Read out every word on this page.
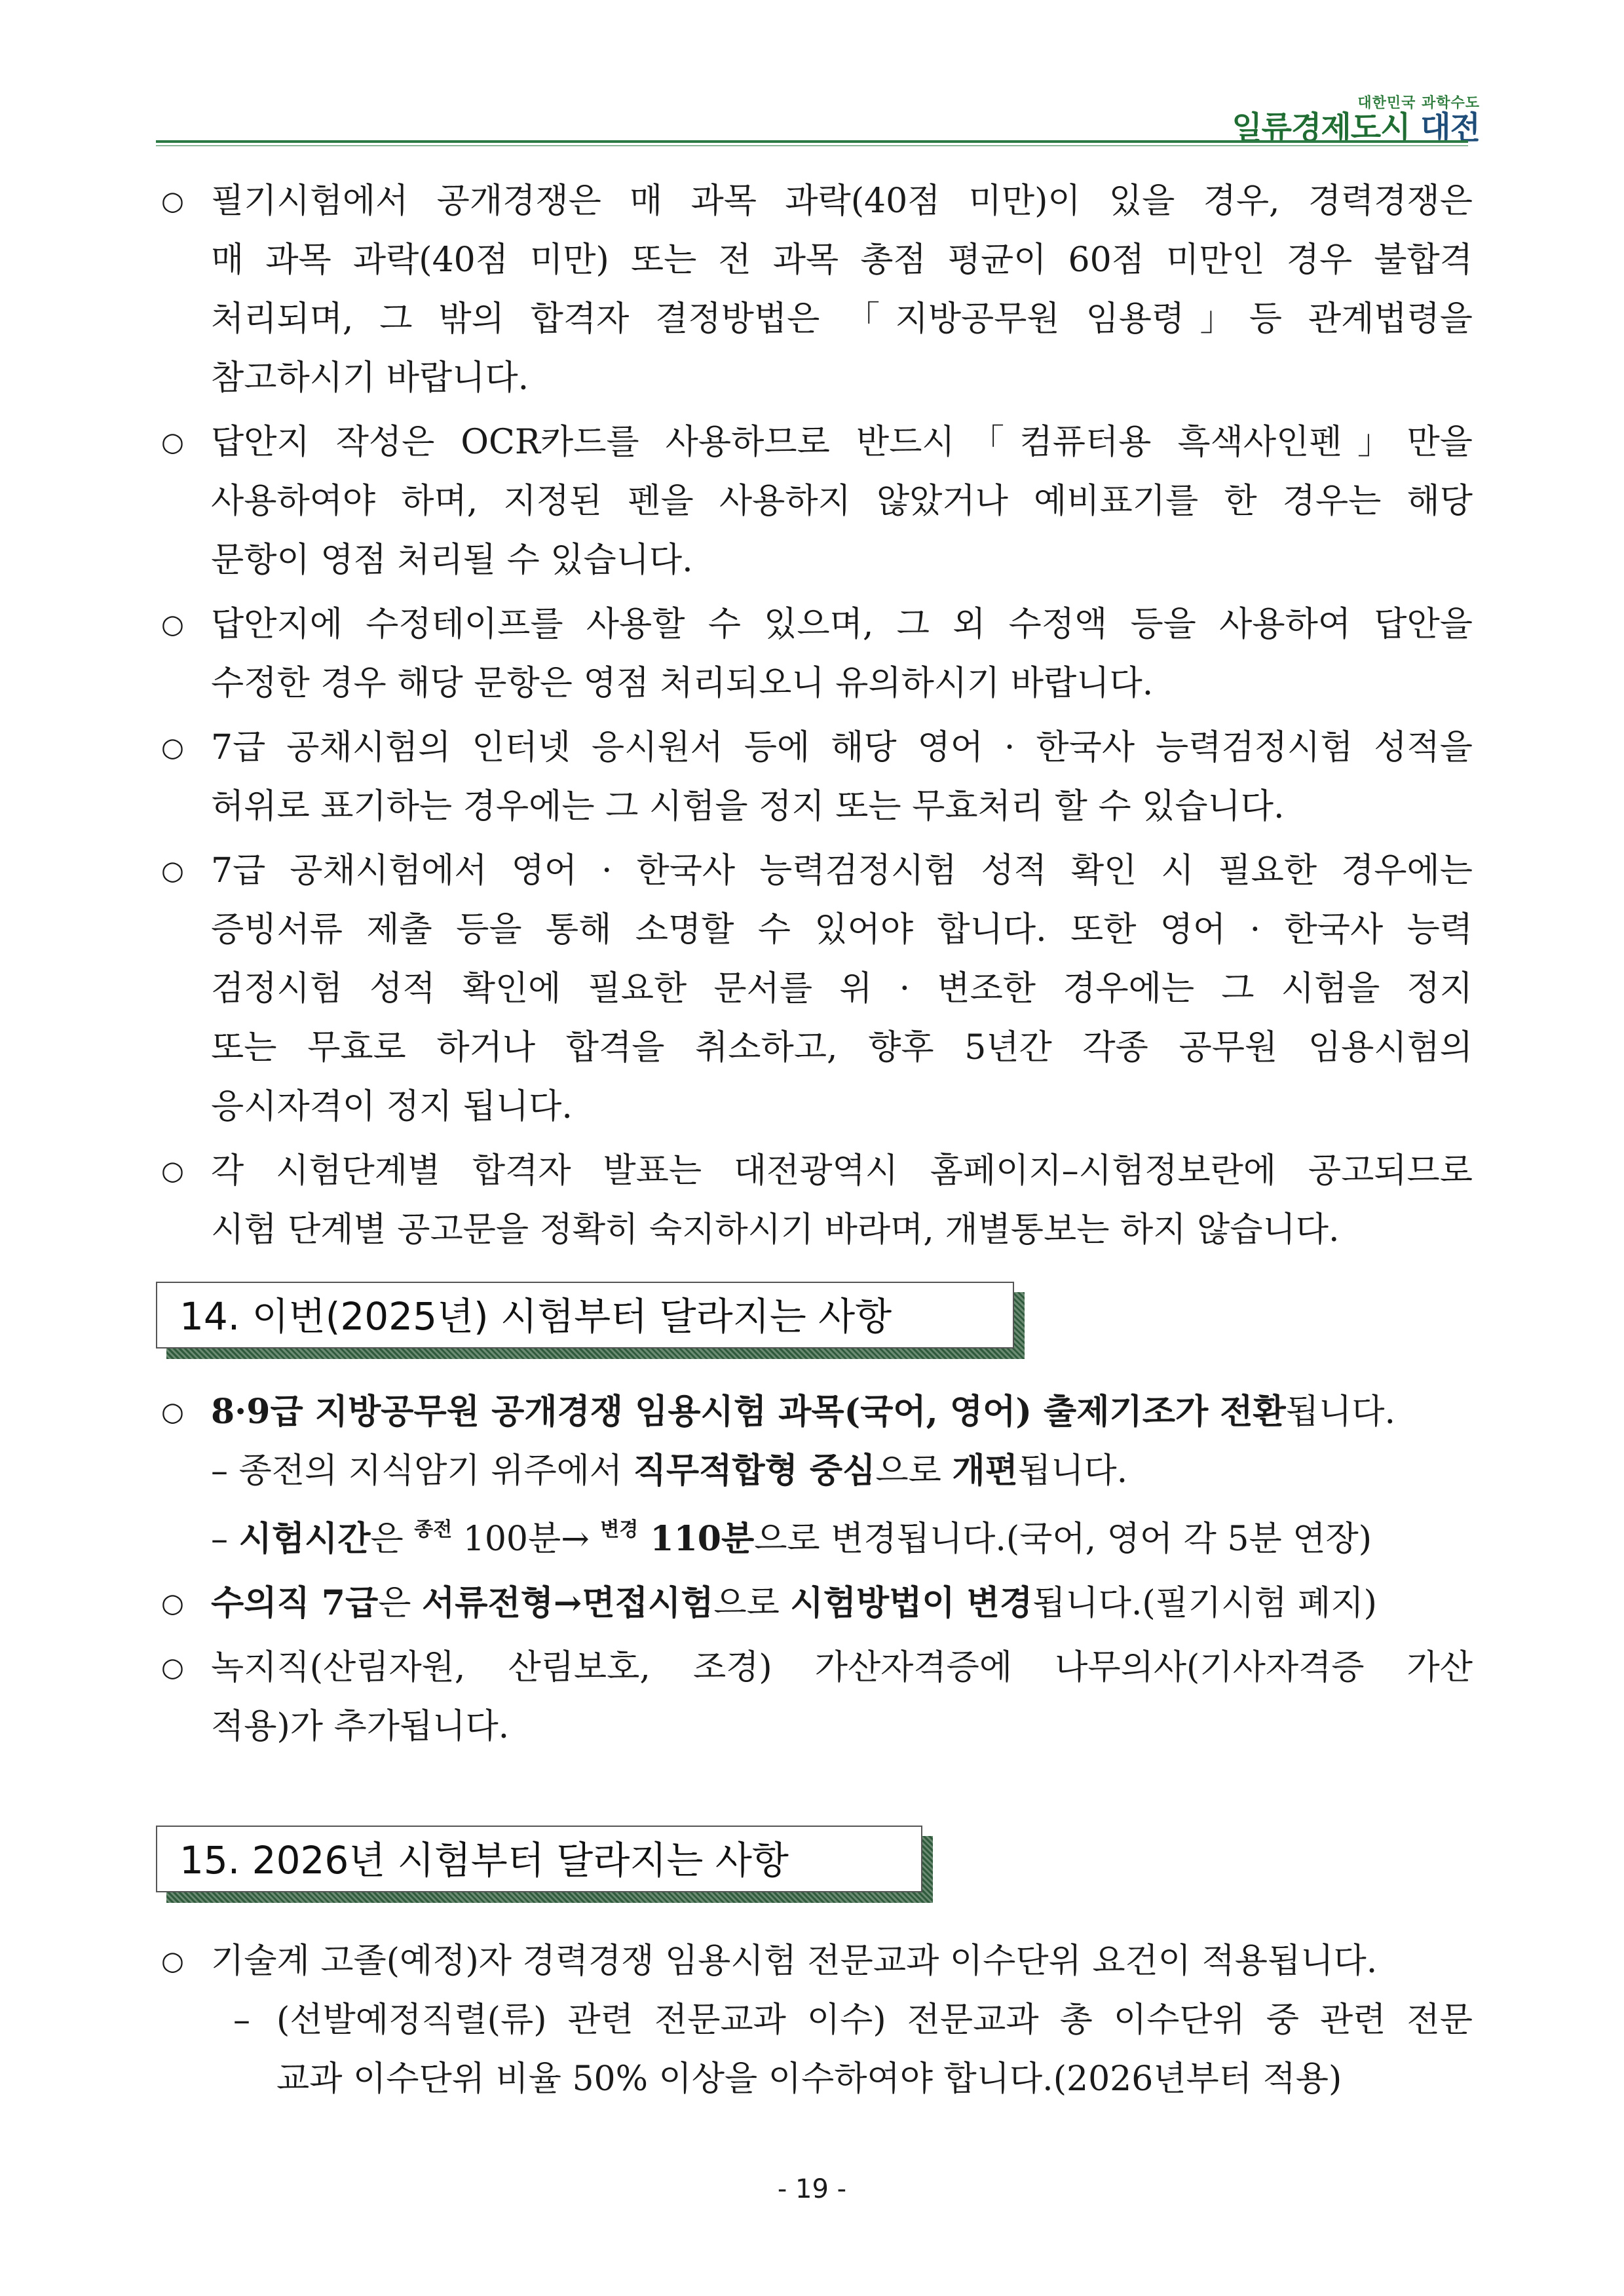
대한민국 과학수도
일류경제도시 대전
○ 필기시험에서 공개경쟁은 매 과목 과락(40점 미만)이 있을 경우, 경력경쟁은
매 과목 과락(40점 미만) 또는 전 과목 총점 평균이 60점 미만인 경우 불합격
처리되며, 그 밖의 합격자 결정방법은 「지방공무원 임용령」등 관계법령을
참고하시기 바랍니다.
○ 답안지 작성은 OCR카드를 사용하므로 반드시「컴퓨터용 흑색사인펜」만을
사용하여야 하며, 지정된 펜을 사용하지 않았거나 예비표기를 한 경우는 해당
문항이 영점 처리될 수 있습니다.
○ 답안지에 수정테이프를 사용할 수 있으며, 그 외 수정액 등을 사용하여 답안을
수정한 경우 해당 문항은 영점 처리되오니 유의하시기 바랍니다.
○ 7급 공채시험의 인터넷 응시원서 등에 해당 영어 · 한국사 능력검정시험 성적을
허위로 표기하는 경우에는 그 시험을 정지 또는 무효처리 할 수 있습니다.
○ 7급 공채시험에서 영어 · 한국사 능력검정시험 성적 확인 시 필요한 경우에는
증빙서류 제출 등을 통해 소명할 수 있어야 합니다. 또한 영어 · 한국사 능력
검정시험 성적 확인에 필요한 문서를 위 · 변조한 경우에는 그 시험을 정지
또는 무효로 하거나 합격을 취소하고, 향후 5년간 각종 공무원 임용시험의
응시자격이 정지 됩니다.
○ 각 시험단계별 합격자 발표는 대전광역시 홈페이지–시험정보란에 공고되므로
시험 단계별 공고문을 정확히 숙지하시기 바라며, 개별통보는 하지 않습니다.
14. 이번(2025년) 시험부터 달라지는 사항
○ 8·9급 지방공무원 공개경쟁 임용시험 과목(국어, 영어) 출제기조가 전환됩니다.
– 종전의 지식암기 위주에서 직무적합형 중심으로 개편됩니다.
– 시험시간은 $^{종전}$ 100분→ $^{변경}$ 110분으로 변경됩니다.(국어, 영어 각 5분 연장)
○ 수의직 7급은 서류전형→면접시험으로 시험방법이 변경됩니다.(필기시험 폐지)
○ 녹지직(산림자원, 산림보호, 조경) 가산자격증에 나무의사(기사자격증 가산
적용)가 추가됩니다.
15. 2026년 시험부터 달라지는 사항
○ 기술계 고졸(예정)자 경력경쟁 임용시험 전문교과 이수단위 요건이 적용됩니다.
– (선발예정직렬(류) 관련 전문교과 이수) 전문교과 총 이수단위 중 관련 전문
교과 이수단위 비율 50% 이상을 이수하여야 합니다.(2026년부터 적용)
- 19 -
